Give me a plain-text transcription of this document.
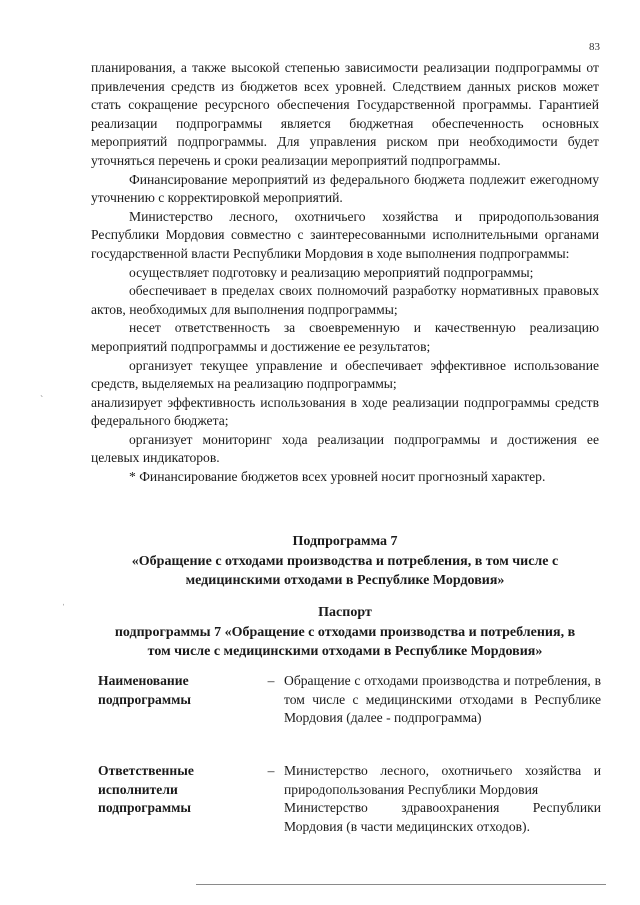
83

планирования, а также высокой степенью зависимости реализации подпрограммы от привлечения средств из бюджетов всех уровней. Следствием данных рисков может стать сокращение ресурсного обеспечения Государственной программы. Гарантией реализации подпрограммы является бюджетная обеспеченность основных мероприятий подпрограммы. Для управления риском при необходимости будет уточняться перечень и сроки реализации мероприятий подпрограммы.

Финансирование мероприятий из федерального бюджета подлежит ежегодному уточнению с корректировкой мероприятий.

Министерство лесного, охотничьего хозяйства и природопользования Республики Мордовия совместно с заинтересованными исполнительными органами государственной власти Республики Мордовия в ходе выполнения подпрограммы:

осуществляет подготовку и реализацию мероприятий подпрограммы;

обеспечивает в пределах своих полномочий разработку нормативных правовых актов, необходимых для выполнения подпрограммы;

несет ответственность за своевременную и качественную реализацию мероприятий подпрограммы и достижение ее результатов;

организует текущее управление и обеспечивает эффективное использование средств, выделяемых на реализацию подпрограммы;

анализирует эффективность использования в ходе реализации подпрограммы средств федерального бюджета;

организует мониторинг хода реализации подпрограммы и достижения ее целевых индикаторов.

* Финансирование бюджетов всех уровней носит прогнозный характер.

Подпрограмма 7
«Обращение с отходами производства и потребления, в том числе с
медицинскими отходами в Республике Мордовия»
Паспорт
подпрограммы 7 «Обращение с отходами производства и потребления, в
том числе с медицинскими отходами в Республике Мордовия»
Наименование
подпрограммы
– Обращение с отходами производства и потребления, в том числе с медицинскими отходами в Республике Мордовия (далее - подпрограмма)
Ответственные
исполнители
подпрограммы
– Министерство лесного, охотничьего хозяйства и природопользования Республики Мордовия
Министерство здравоохранения Республики Мордовия (в части медицинских отходов).
ˋ
ˌ
